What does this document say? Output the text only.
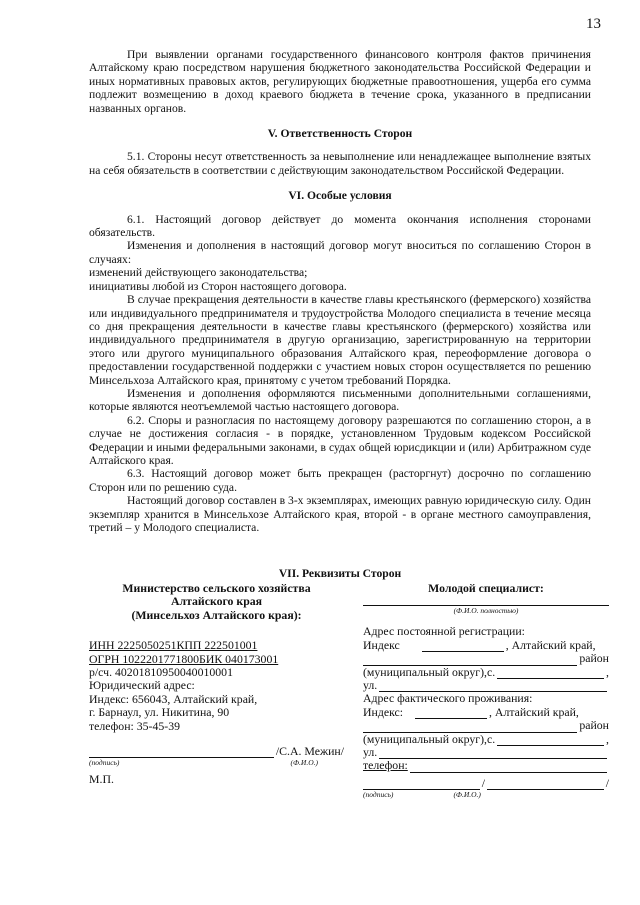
13

При выявлении органами государственного финансового контроля фактов причинения Алтайскому краю посредством нарушения бюджетного законодательства Российской Федерации и иных нормативных правовых актов, регулирующих бюджетные правоотношения, ущерба его сумма подлежит возмещению в доход краевого бюджета в течение срока, указанного в предписании названных органов.

V. Ответственность Сторон

5.1. Стороны несут ответственность за невыполнение или ненадлежащее выполнение взятых на себя обязательств в соответствии с действующим законодательством Российской Федерации.

VI. Особые условия

6.1. Настоящий договор действует до момента окончания исполнения сторонами обязательств.

Изменения и дополнения в настоящий договор могут вноситься по соглашению Сторон в случаях:

изменений действующего законодательства;

инициативы любой из Сторон настоящего договора.

В случае прекращения деятельности в качестве главы крестьянского (фермерского) хозяйства или индивидуального предпринимателя и трудоустройства Молодого специалиста в течение месяца со дня прекращения деятельности в качестве главы крестьянского (фермерского) хозяйства или индивидуального предпринимателя в другую организацию, зарегистрированную на территории этого или другого муниципального образования Алтайского края, переоформление договора о предоставлении государственной поддержки с участием новых сторон осуществляется по решению Минсельхоза Алтайского края, принятому с учетом требований Порядка.

Изменения и дополнения оформляются письменными дополнительными соглашениями, которые являются неотъемлемой частью настоящего договора.

6.2. Споры и разногласия по настоящему договору разрешаются по соглашению сторон, а в случае не достижения согласия - в порядке, установленном Трудовым кодексом Российской Федерации и иными федеральными законами, в судах общей юрисдикции и (или) Арбитражном суде Алтайского края.

6.3. Настоящий договор может быть прекращен (расторгнут) досрочно по соглашению Сторон или по решению суда.

Настоящий договор составлен в 3-х экземплярах, имеющих равную юридическую силу. Один экземпляр хранится в Минсельхозе Алтайского края, второй - в органе местного самоуправления, третий – у Молодого специалиста.

VII. Реквизиты Сторон
Министерство сельского хозяйства
Алтайского края
(Минсельхоз Алтайского края):
ИНН 2225050251КПП 222501001
ОГРН 1022201771800БИК 040173001
р/сч. 40201810950040010001
Юридический адрес:
Индекс: 656043, Алтайский край,
г. Барнаул, ул. Никитина, 90
телефон: 35-45-39
/С.А. Межин/
(подпись)	(Ф.И.О.)
М.П.
Молодой специалист:
(Ф.И.О. полностью)
Адрес постоянной регистрации:
Индекс	, Алтайский край,
район
(муниципальный округ),с.	,
ул.
Адрес фактического проживания:
Индекс:	, Алтайский край,
район
(муниципальный округ),с.	,
ул.
телефон:
/	/
(подпись)	(Ф.И.О.)
